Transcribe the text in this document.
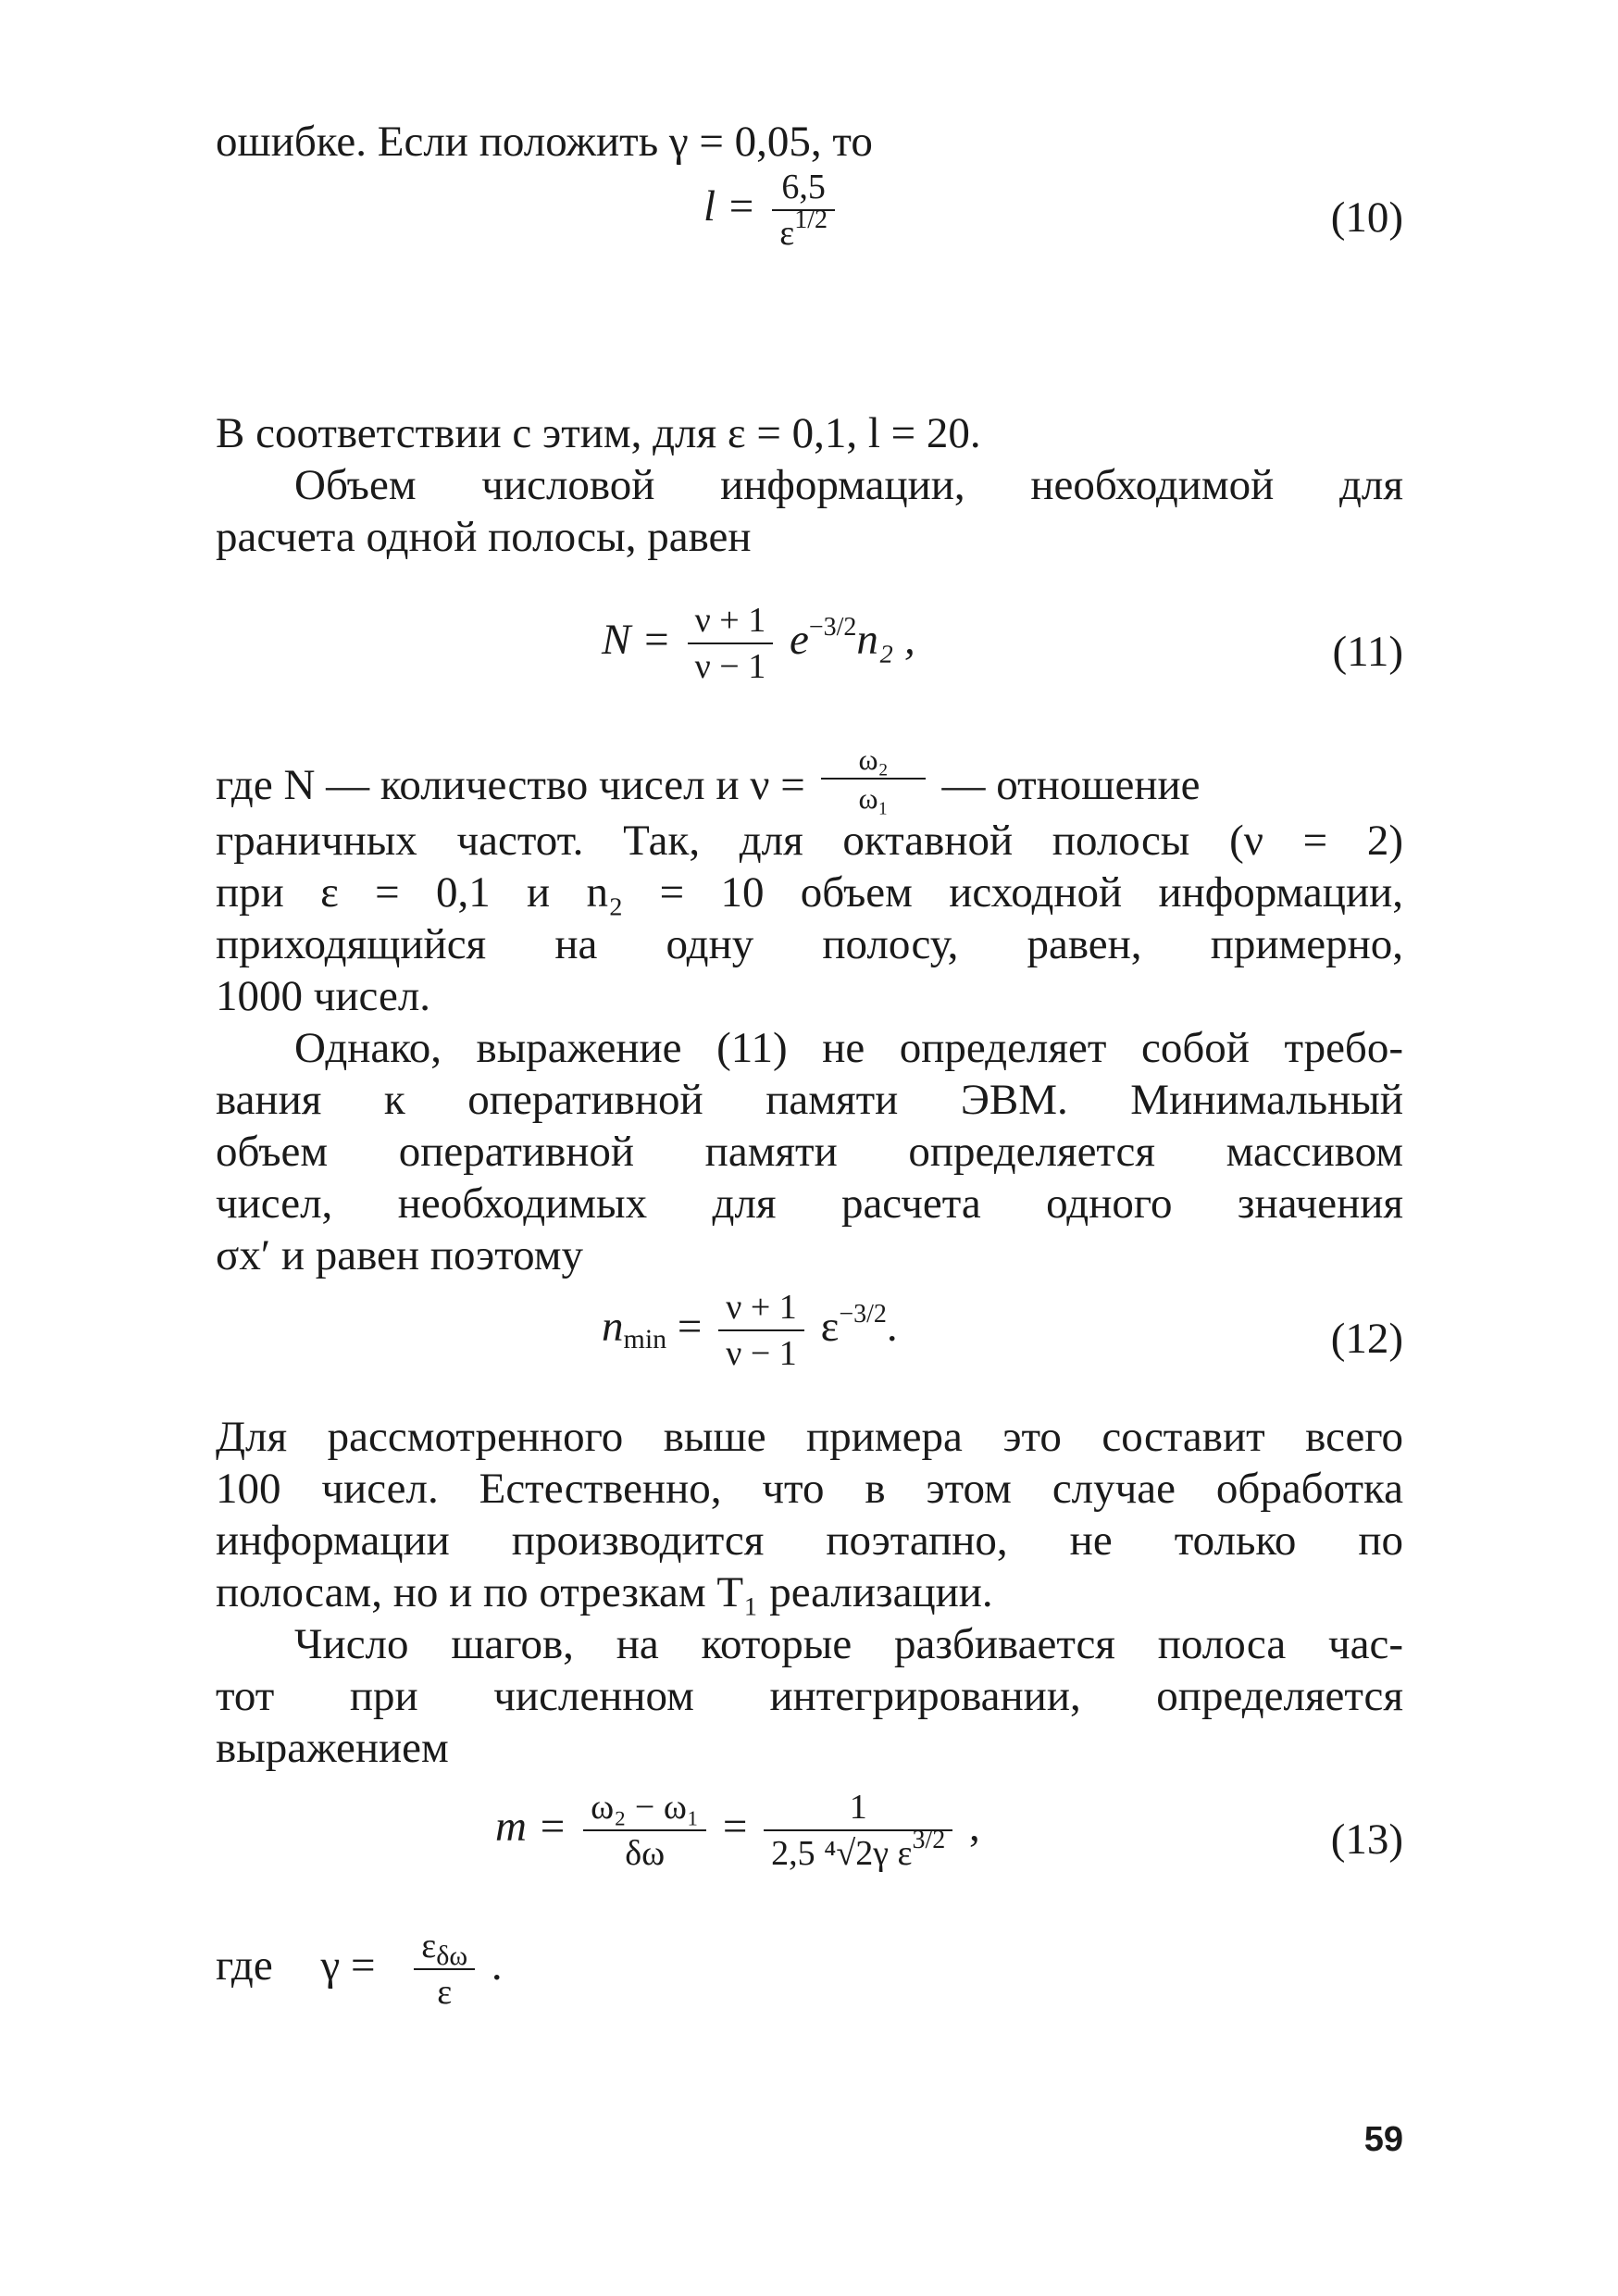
ошибке. Если положить γ = 0,05, то
$l = \frac{6,5}{\varepsilon^{1/2}}$	(10)
В соответствии с этим, для ε = 0,1, l = 20.
Объем числовой информации, необходимой для
расчета одной полосы, равен
$N = \frac{\nu + 1}{\nu - 1} e^{-3/2}n_2$ ,	(11)
где N — количество чисел и $\nu = \frac{\text{ω₂}}{\text{ω₁}}$ — отношение
граничных частот. Так, для октавной полосы (ν = 2)
при ε = 0,1 и n₂ = 10 объем исходной информации,
приходящийся на одну полосу, равен, примерно,
1000 чисел.
Однако, выражение (11) не определяет собой требо-
вания к оперативной памяти ЭВМ. Минимальный
объем оперативной памяти определяется массивом
чисел, необходимых для расчета одного значения
σx′ и равен поэтому
$n_{min} = \frac{\nu + 1}{\nu - 1} \varepsilon^{-3/2}$.	(12)
Для рассмотренного выше примера это составит всего
100 чисел. Естественно, что в этом случае обработка
информации производится поэтапно, не только по
полосам, но и по отрезкам T₁ реализации.
Число шагов, на которые разбивается полоса час-
тот при численном интегрировании, определяется
выражением
$m = \frac{\text{ω₂ − ω₁}}{\delta\omega} = \frac{1}{2,5 ^4√2\gamma \varepsilon^{3/2}}$ ,	(13)
где $\gamma = \frac{\varepsilon_{\delta\omega}}{\varepsilon}$ .
59
